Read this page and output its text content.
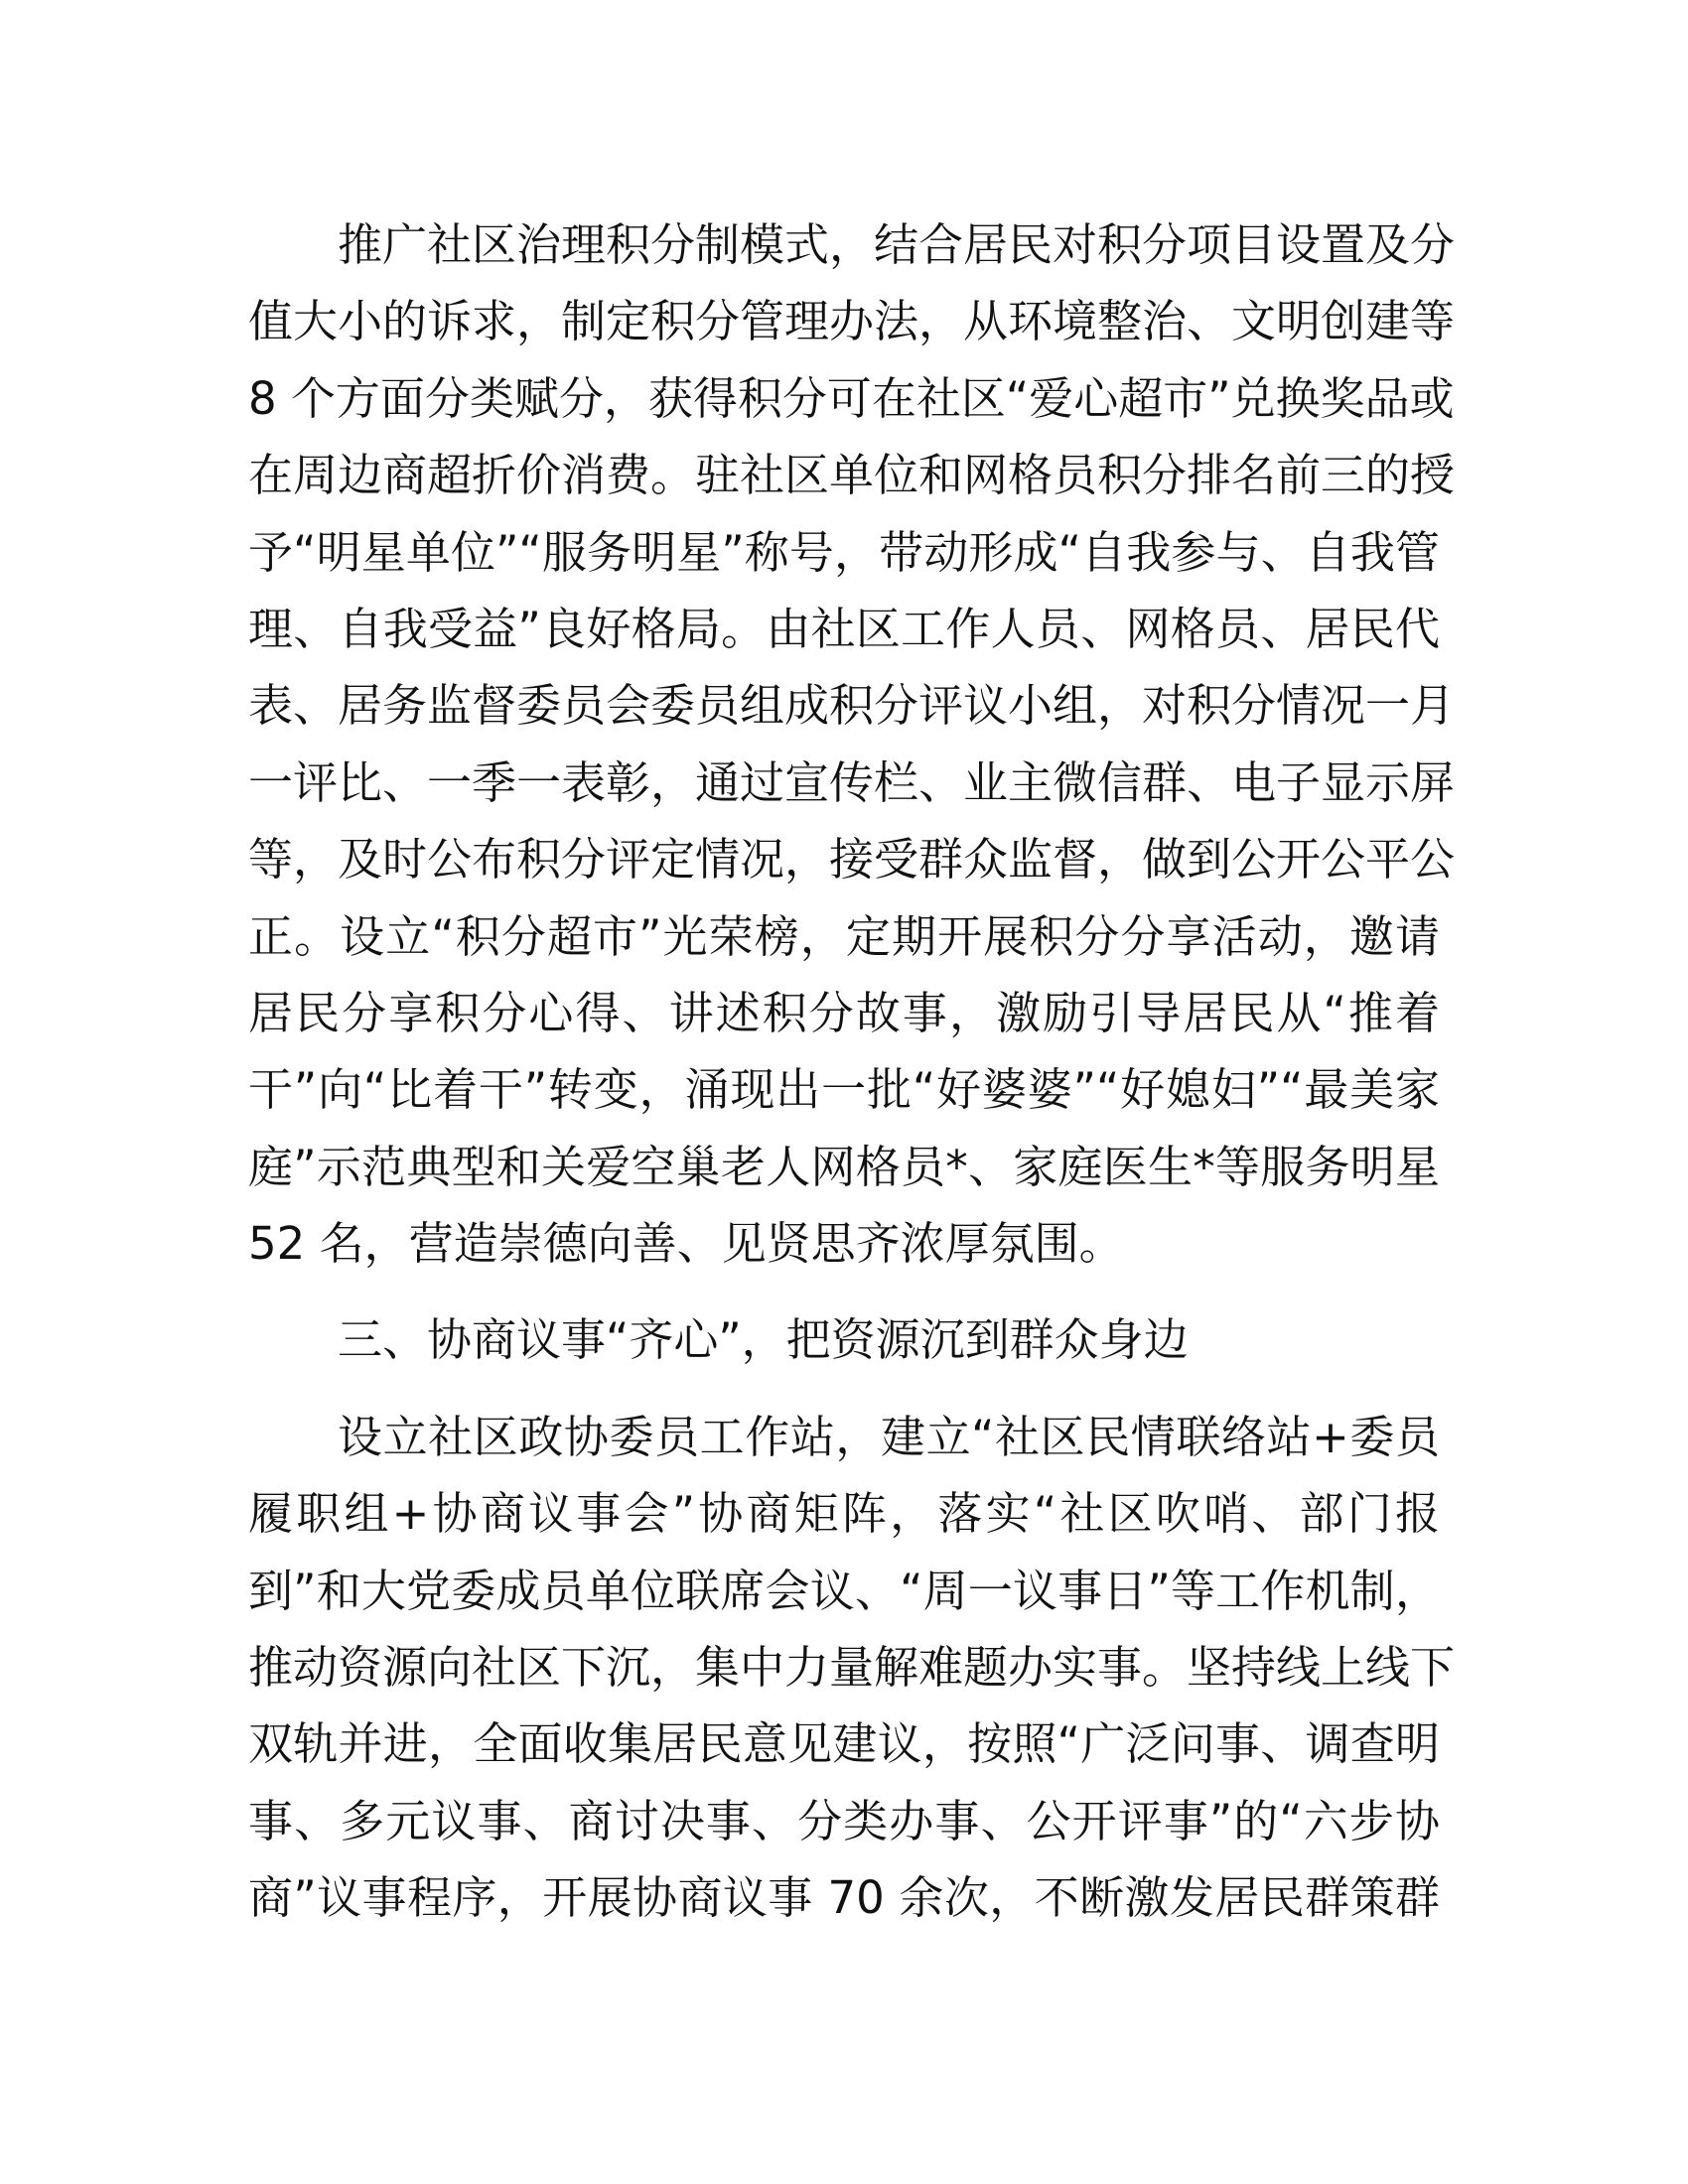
推广社区治理积分制模式，结合居民对积分项目设置及分
值大小的诉求，制定积分管理办法，从环境整治、文明创建等
8 个方面分类赋分，获得积分可在社区“爱心超市”兑换奖品或
在周边商超折价消费。驻社区单位和网格员积分排名前三的授
予“明星单位”“服务明星”称号，带动形成“自我参与、自我管
理、自我受益”良好格局。由社区工作人员、网格员、居民代
表、居务监督委员会委员组成积分评议小组，对积分情况一月
一评比、一季一表彰，通过宣传栏、业主微信群、电子显示屏
等，及时公布积分评定情况，接受群众监督，做到公开公平公
正。设立“积分超市”光荣榜，定期开展积分分享活动，邀请
居民分享积分心得、讲述积分故事，激励引导居民从“推着
干”向“比着干”转变，涌现出一批“好婆婆”“好媳妇”“最美家
庭”示范典型和关爱空巢老人网格员*、家庭医生*等服务明星
52 名，营造崇德向善、见贤思齐浓厚氛围。
三、协商议事“齐心”，把资源沉到群众身边
设立社区政协委员工作站，建立“社区民情联络站+委员
履职组+协商议事会”协商矩阵，落实“社区吹哨、部门报
到”和大党委成员单位联席会议、“周一议事日”等工作机制，
推动资源向社区下沉，集中力量解难题办实事。坚持线上线下
双轨并进，全面收集居民意见建议，按照“广泛问事、调查明
事、多元议事、商讨决事、分类办事、公开评事”的“六步协
商”议事程序，开展协商议事 70 余次，不断激发居民群策群
